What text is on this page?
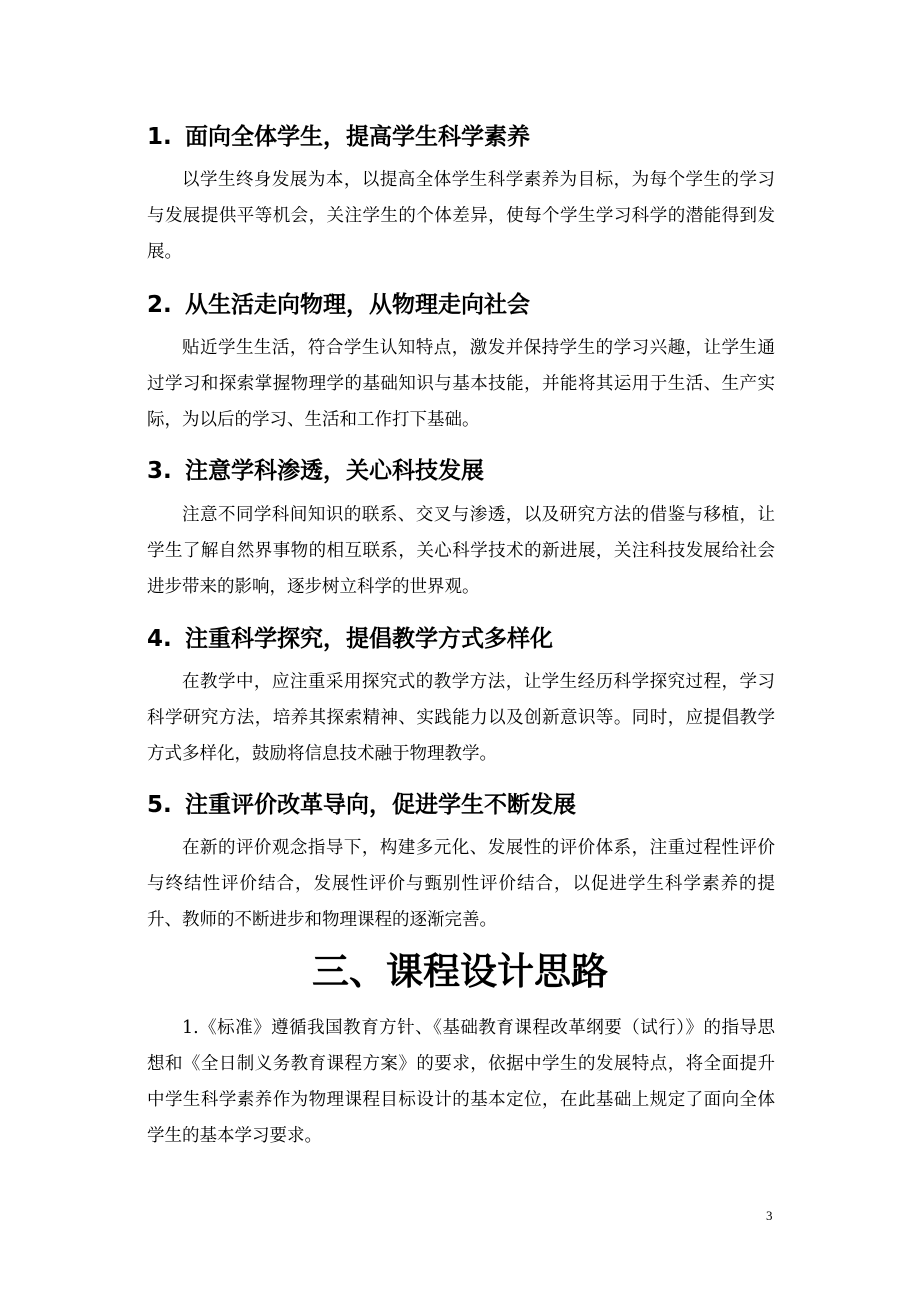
1. 面向全体学生，提高学生科学素养

以学生终身发展为本，以提高全体学生科学素养为目标，为每个学生的学习与发展提供平等机会，关注学生的个体差异，使每个学生学习科学的潜能得到发展。

2. 从生活走向物理，从物理走向社会

贴近学生生活，符合学生认知特点，激发并保持学生的学习兴趣，让学生通过学习和探索掌握物理学的基础知识与基本技能，并能将其运用于生活、生产实际，为以后的学习、生活和工作打下基础。

3. 注意学科渗透，关心科技发展

注意不同学科间知识的联系、交叉与渗透，以及研究方法的借鉴与移植，让学生了解自然界事物的相互联系，关心科学技术的新进展，关注科技发展给社会进步带来的影响，逐步树立科学的世界观。

4. 注重科学探究，提倡教学方式多样化

在教学中，应注重采用探究式的教学方法，让学生经历科学探究过程，学习科学研究方法，培养其探索精神、实践能力以及创新意识等。同时，应提倡教学方式多样化，鼓励将信息技术融于物理教学。

5. 注重评价改革导向，促进学生不断发展

在新的评价观念指导下，构建多元化、发展性的评价体系，注重过程性评价与终结性评价结合，发展性评价与甄别性评价结合，以促进学生科学素养的提升、教师的不断进步和物理课程的逐渐完善。

三、课程设计思路

1.《标准》遵循我国教育方针、《基础教育课程改革纲要（试行）》的指导思想和《全日制义务教育课程方案》的要求，依据中学生的发展特点，将全面提升中学生科学素养作为物理课程目标设计的基本定位，在此基础上规定了面向全体学生的基本学习要求。

3
